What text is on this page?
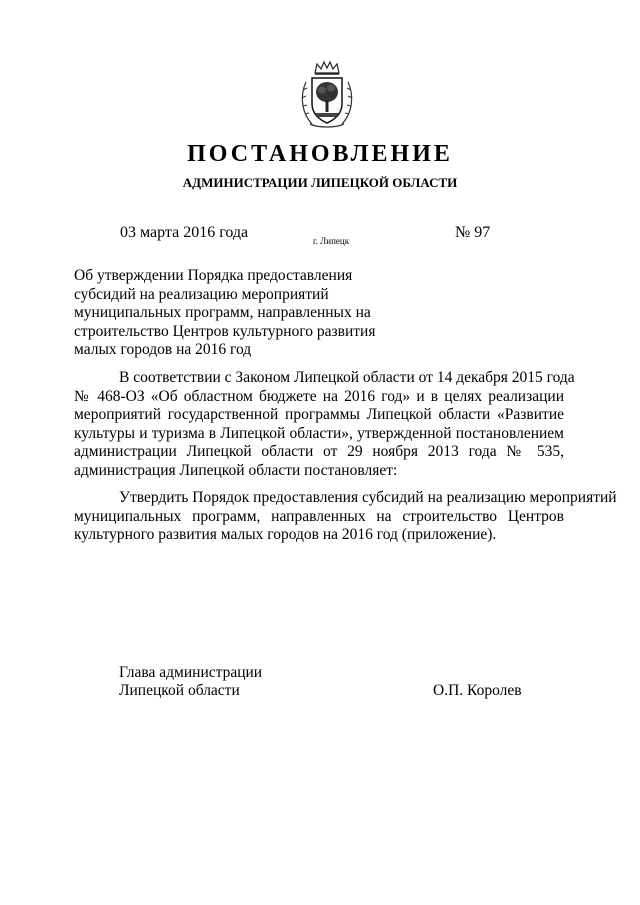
ПОСТАНОВЛЕНИЕ
АДМИНИСТРАЦИИ ЛИПЕЦКОЙ ОБЛАСТИ
03 марта 2016 года	г. Липецк	№ 97
Об утверждении Порядка предоставления
субсидий на реализацию мероприятий
муниципальных программ, направленных на
строительство Центров культурного развития
малых городов на 2016 год
В соответствии с Законом Липецкой области от 14 декабря 2015 года
№ 468-ОЗ «Об областном бюджете на 2016 год» и в целях реализации
мероприятий государственной программы Липецкой области «Развитие
культуры и туризма в Липецкой области», утвержденной постановлением
администрации Липецкой области от 29 ноября 2013 года № 535,
администрация Липецкой области постановляет:
Утвердить Порядок предоставления субсидий на реализацию мероприятий
муниципальных программ, направленных на строительство Центров
культурного развития малых городов на 2016 год (приложение).
Глава администрации
Липецкой области	О.П. Королев
